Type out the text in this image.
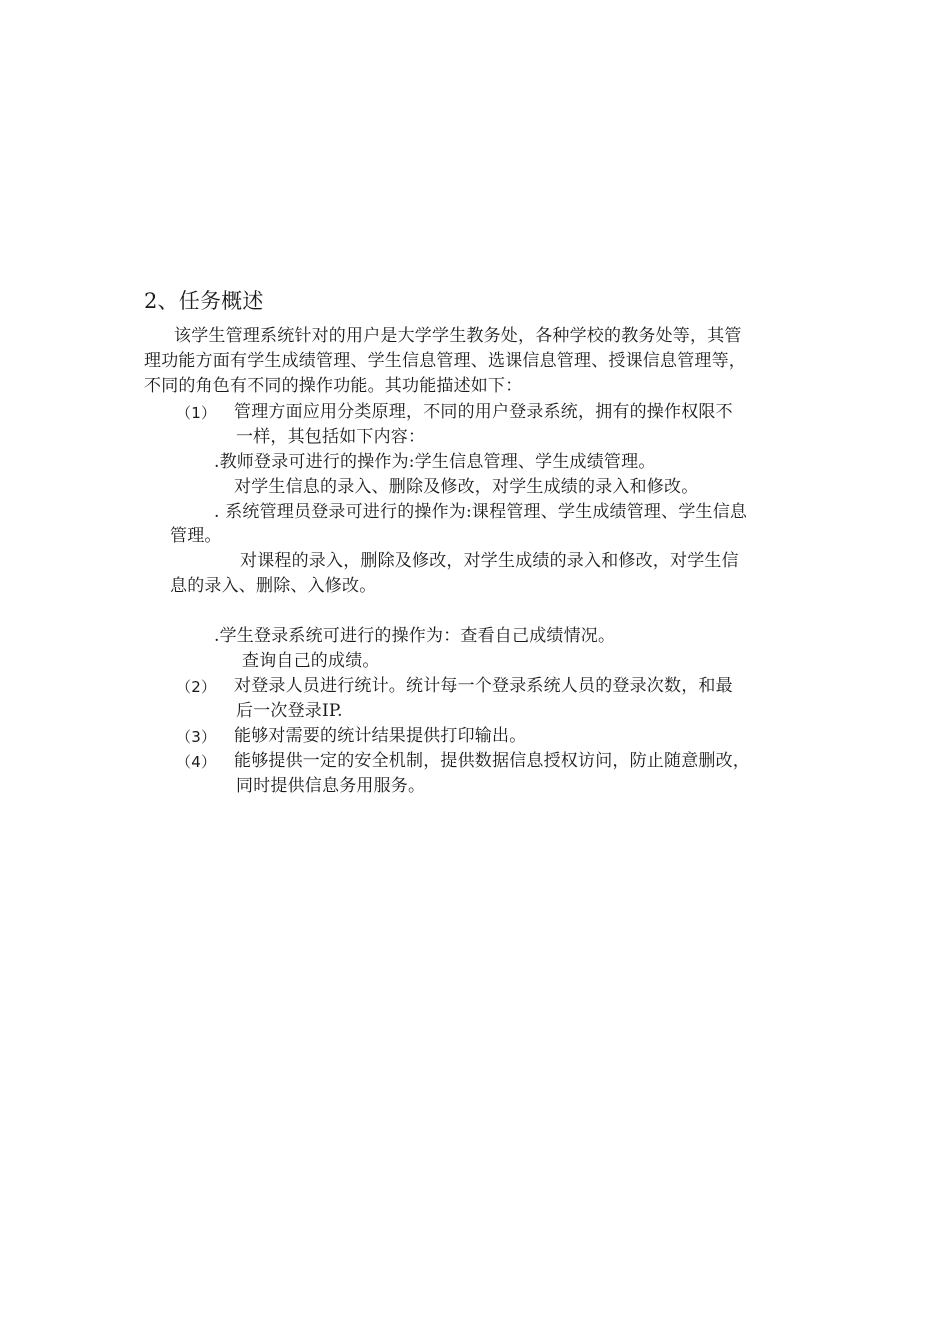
2、任务概述
该学生管理系统针对的用户是大学学生教务处，各种学校的教务处等，其管
理功能方面有学生成绩管理、学生信息管理、选课信息管理、授课信息管理等，
不同的角色有不同的操作功能。其功能描述如下：
（1） 管理方面应用分类原理，不同的用户登录系统，拥有的操作权限不
一样，其包括如下内容：
.教师登录可进行的操作为:学生信息管理、学生成绩管理。
对学生信息的录入、删除及修改，对学生成绩的录入和修改。
. 系统管理员登录可进行的操作为:课程管理、学生成绩管理、学生信息
管理。
对课程的录入，删除及修改，对学生成绩的录入和修改，对学生信
息的录入、删除、入修改。
.学生登录系统可进行的操作为：查看自己成绩情况。
查询自己的成绩。
（2） 对登录人员进行统计。统计每一个登录系统人员的登录次数，和最
后一次登录IP.
（3） 能够对需要的统计结果提供打印输出。
（4） 能够提供一定的安全机制，提供数据信息授权访问，防止随意删改，
同时提供信息务用服务。
